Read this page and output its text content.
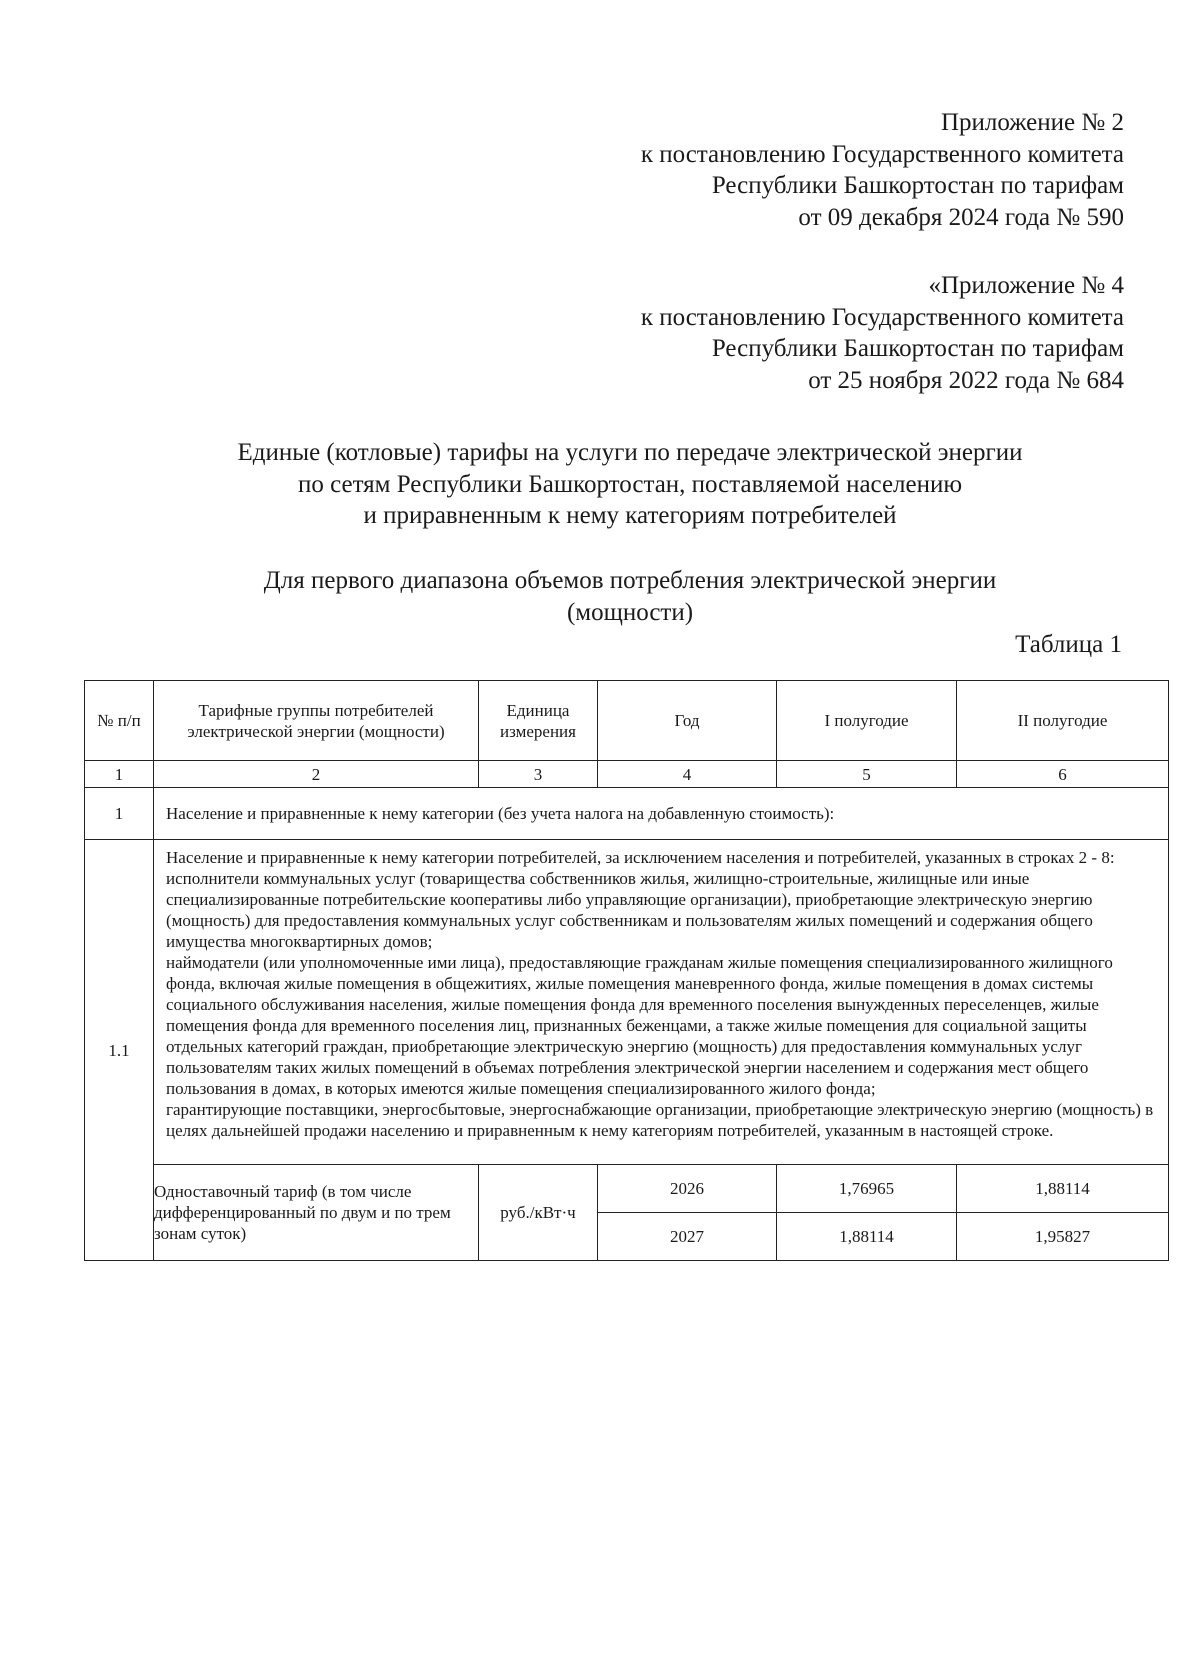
Приложение № 2
к постановлению Государственного комитета
Республики Башкортостан по тарифам
от 09 декабря 2024 года № 590
«Приложение № 4
к постановлению Государственного комитета
Республики Башкортостан по тарифам
от 25 ноября 2022 года № 684
Единые (котловые) тарифы на услуги по передаче электрической энергии
по сетям Республики Башкортостан, поставляемой населению
и приравненным к нему категориям потребителей
Для первого диапазона объемов потребления электрической энергии
(мощности)
Таблица 1
№ п/п	Тарифные группы потребителей электрической энергии (мощности)	Единица измерения	Год	I полугодие	II полугодие
1	2	3	4	5	6
1	Население и приравненные к нему категории (без учета налога на добавленную стоимость):				
1.1	Население и приравненные к нему категории потребителей, за исключением населения и потребителей, указанных в строках 2 - 8:

исполнители коммунальных услуг (товарищества собственников жилья, жилищно-строительные, жилищные или иные специализированные потребительские кооперативы либо управляющие организации), приобретающие электрическую энергию (мощность) для предоставления коммунальных услуг собственникам и пользователям жилых помещений и содержания общего имущества многоквартирных домов;

наймодатели (или уполномоченные ими лица), предоставляющие гражданам жилые помещения специализированного жилищного фонда, включая жилые помещения в общежитиях, жилые помещения маневренного фонда, жилые помещения в домах системы социального обслуживания населения, жилые помещения фонда для временного поселения вынужденных переселенцев, жилые помещения фонда для временного поселения лиц, признанных беженцами, а также жилые помещения для социальной защиты отдельных категорий граждан, приобретающие электрическую энергию (мощность) для предоставления коммунальных услуг пользователям таких жилых помещений в объемах потребления электрической энергии населением и содержания мест общего пользования в домах, в которых имеются жилые помещения специализированного жилого фонда;

гарантирующие поставщики, энергосбытовые, энергоснабжающие организации, приобретающие электрическую энергию (мощность) в целях дальнейшей продажи населению и приравненным к нему категориям потребителей, указанным в настоящей строке.				

	Одноставочный тариф (в том числе дифференцированный по двум и по трем зонам суток)	руб./кВт·ч	2026	1,76965	1,88114
			2027	1,88114	1,95827
